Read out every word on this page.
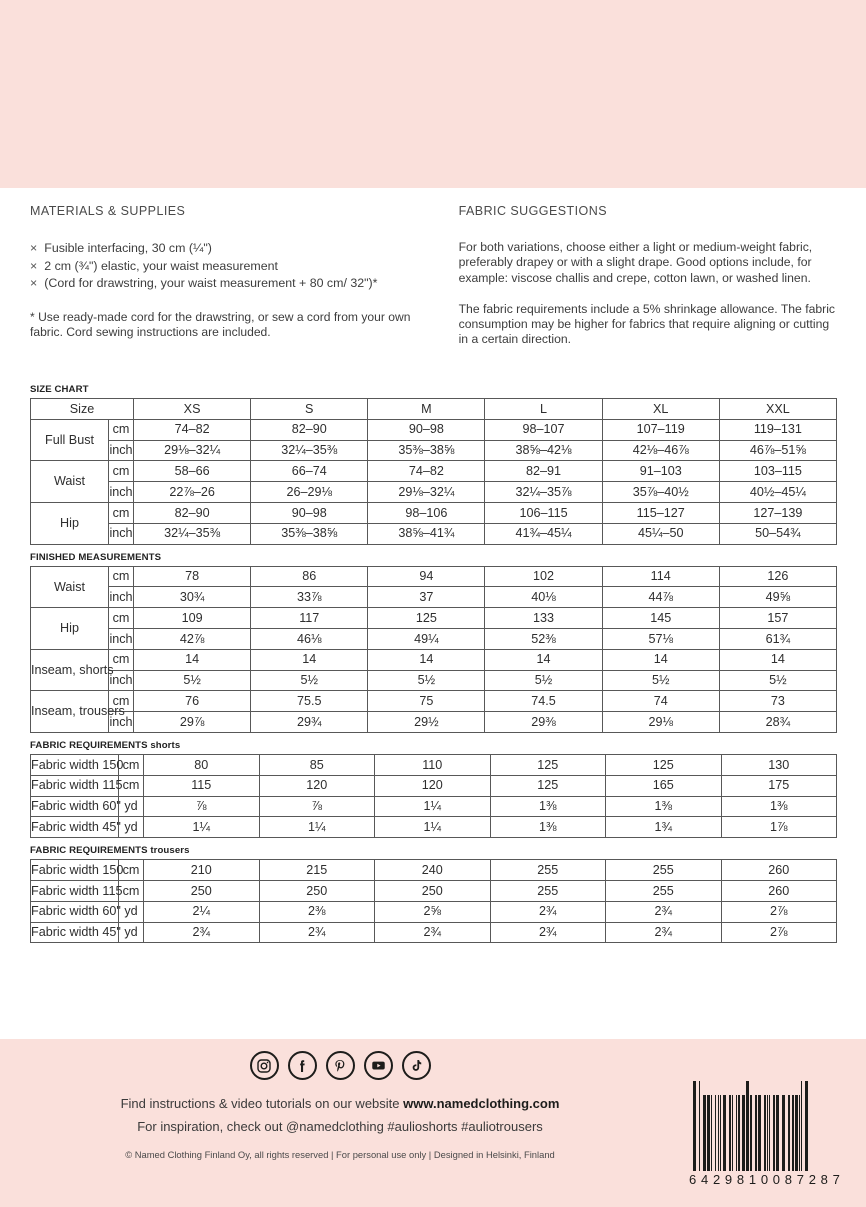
MATERIALS & SUPPLIES
× Fusible interfacing, 30 cm (¼")
× 2 cm (¾") elastic, your waist measurement
× (Cord for drawstring, your waist measurement + 80 cm/ 32")*

* Use ready-made cord for the drawstring, or sew a cord from your own fabric. Cord sewing instructions are included.

FABRIC SUGGESTIONS

For both variations, choose either a light or medium-weight fabric, preferably drapey or with a slight drape. Good options include, for example: viscose challis and crepe, cotton lawn, or washed linen.

The fabric requirements include a 5% shrinkage allowance. The fabric consumption may be higher for fabrics that require aligning or cutting in a certain direction.

SIZE CHART
Size		XS	S	M	L	XL	XXL
Full Bust	cm	74–82	82–90	90–98	98–107	107–119	119–131
	inch	29⅛–32¼	32¼–35⅜	35⅜–38⅝	38⅝–42⅛	42⅛–46⅞	46⅞–51⅝
Waist	cm	58–66	66–74	74–82	82–91	91–103	103–115
	inch	22⅞–26	26–29⅛	29⅛–32¼	32¼–35⅞	35⅞–40½	40½–45¼
Hip	cm	82–90	90–98	98–106	106–115	115–127	127–139
	inch	32¼–35⅜	35⅜–38⅝	38⅝–41¾	41¾–45¼	45¼–50	50–54¾
FINISHED MEASUREMENTS
Waist	cm	78	86	94	102	114	126
	inch	30¾	33⅞	37	40⅛	44⅞	49⅝
Hip	cm	109	117	125	133	145	157
	inch	42⅞	46⅛	49¼	52⅜	57⅛	61¾
Inseam, shorts	cm	14	14	14	14	14	14
	inch	5½	5½	5½	5½	5½	5½
Inseam, trousers	cm	76	75.5	75	74.5	74	73
	inch	29⅞	29¾	29½	29⅜	29⅛	28¾
FABRIC REQUIREMENTS shorts
Fabric width 150	cm	80	85	110	125	125	130
Fabric width 115	cm	115	120	120	125	165	175
Fabric width 60"	yd	⅞	⅞	1¼	1⅜	1⅜	1⅜
Fabric width 45"	yd	1¼	1¼	1¼	1⅜	1¾	1⅞
FABRIC REQUIREMENTS trousers
Fabric width 150	cm	210	215	240	255	255	260
Fabric width 115	cm	250	250	250	255	255	260
Fabric width 60"	yd	2¼	2⅜	2⅝	2¾	2¾	2⅞
Fabric width 45"	yd	2¾	2¾	2¾	2¾	2¾	2⅞
Find instructions & video tutorials on our website www.namedclothing.com
For inspiration, check out @namedclothing #aulioshorts #auliotrousers
© Named Clothing Finland Oy, all rights reserved | For personal use only | Designed in Helsinki, Finland
6 4 2 9 8 1 0 0 8 7 2 8 7
